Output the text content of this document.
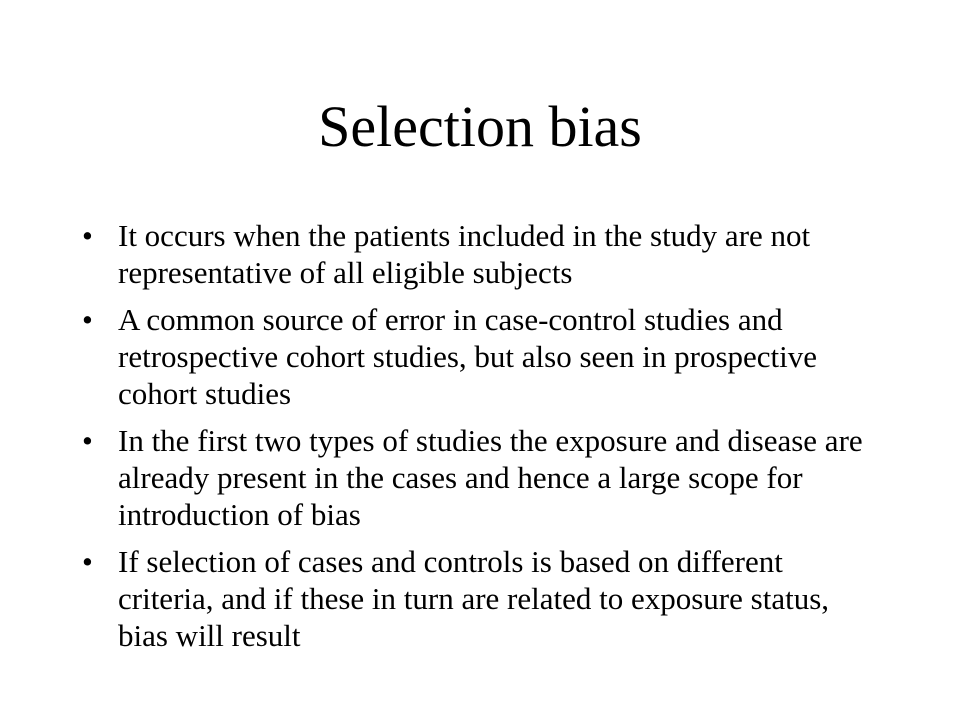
Selection bias
• It occurs when the patients included in the study are not representative of all eligible subjects
• A common source of error in case-control studies and retrospective cohort studies, but also seen in prospective cohort studies
• In the first two types of studies the exposure and disease are already present in the cases and hence a large scope for introduction of bias
• If selection of cases and controls is based on different criteria, and if these in turn are related to exposure status, bias will result
